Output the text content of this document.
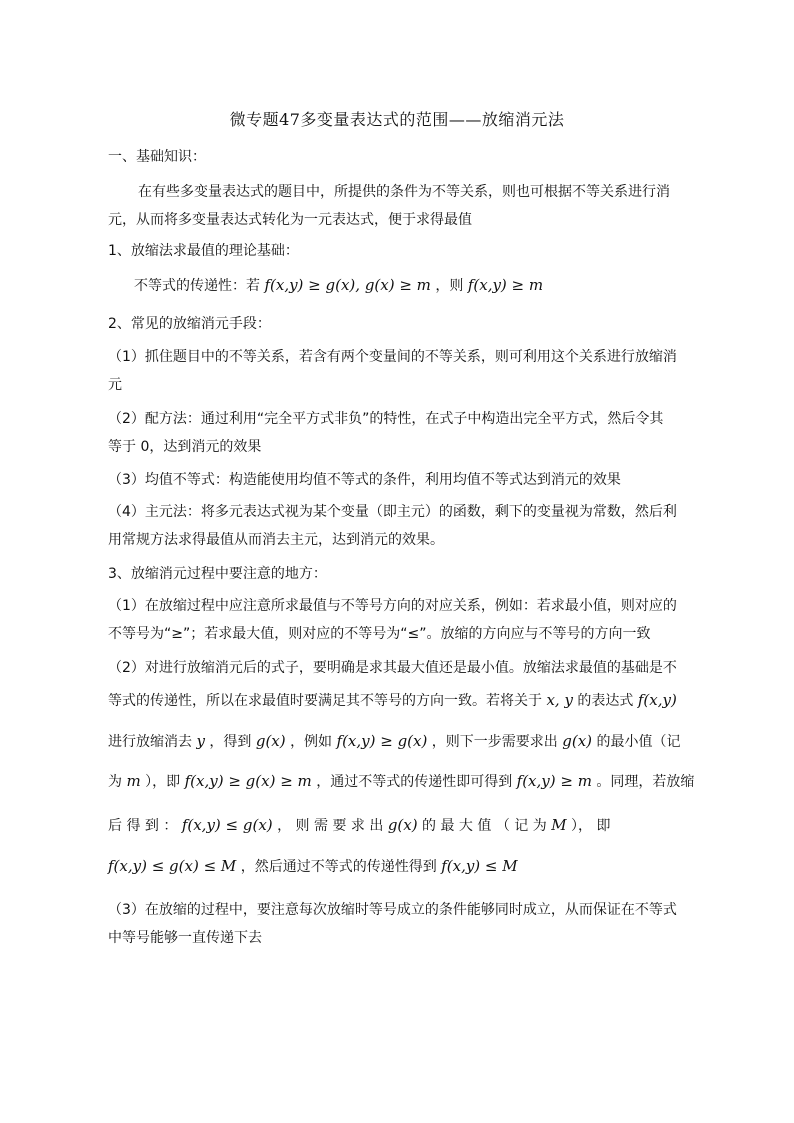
微专题47多变量表达式的范围——放缩消元法
一、基础知识：
在有些多变量表达式的题目中，所提供的条件为不等关系，则也可根据不等关系进行消
元，从而将多变量表达式转化为一元表达式，便于求得最值
1、放缩法求最值的理论基础：
不等式的传递性：若 f(x,y) ≥ g(x), g(x) ≥ m ，则 f(x,y) ≥ m
2、常见的放缩消元手段：
（1）抓住题目中的不等关系，若含有两个变量间的不等关系，则可利用这个关系进行放缩消
元
（2）配方法：通过利用“完全平方式非负”的特性，在式子中构造出完全平方式，然后令其
等于 0，达到消元的效果
（3）均值不等式：构造能使用均值不等式的条件，利用均值不等式达到消元的效果
（4）主元法：将多元表达式视为某个变量（即主元）的函数，剩下的变量视为常数，然后利
用常规方法求得最值从而消去主元，达到消元的效果。
3、放缩消元过程中要注意的地方：
（1）在放缩过程中应注意所求最值与不等号方向的对应关系，例如：若求最小值，则对应的
不等号为“≥”；若求最大值，则对应的不等号为“≤”。放缩的方向应与不等号的方向一致
（2）对进行放缩消元后的式子，要明确是求其最大值还是最小值。放缩法求最值的基础是不
等式的传递性，所以在求最值时要满足其不等号的方向一致。若将关于 x, y 的表达式 f(x,y)
进行放缩消去 y ，得到 g(x) ，例如 f(x,y) ≥ g(x) ，则下一步需要求出 g(x) 的最小值（记
为 m ），即 f(x,y) ≥ g(x) ≥ m ，通过不等式的传递性即可得到 f(x,y) ≥ m 。同理，若放缩
后 得 到 ： f(x,y) ≤ g(x) ， 则 需 要 求 出 g(x) 的 最 大 值 （ 记 为 M ）， 即
f(x,y) ≤ g(x) ≤ M ，然后通过不等式的传递性得到 f(x,y) ≤ M
（3）在放缩的过程中，要注意每次放缩时等号成立的条件能够同时成立，从而保证在不等式
中等号能够一直传递下去
